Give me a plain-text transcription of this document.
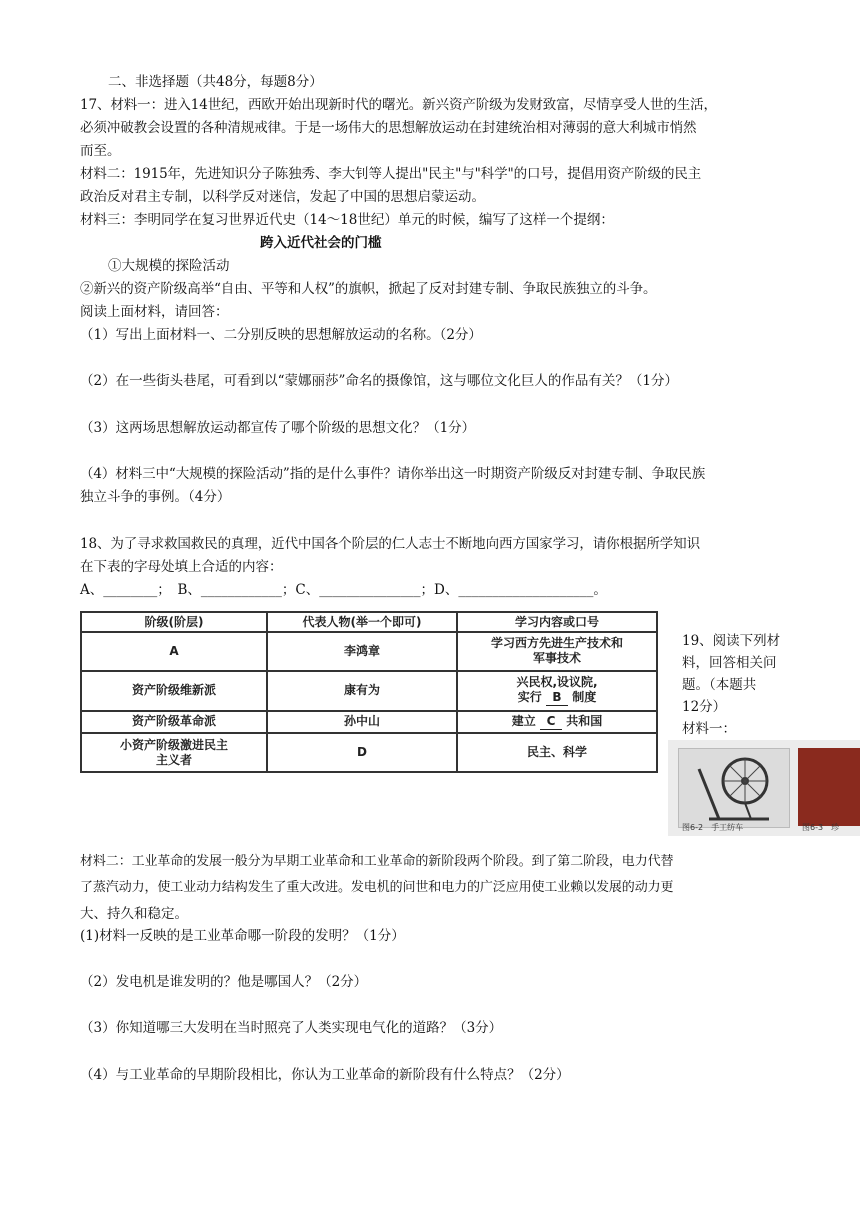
二、非选择题（共48分，每题8分）
17、材料一：进入14世纪，西欧开始出现新时代的曙光。新兴资产阶级为发财致富，尽情享受人世的生活，
必须冲破教会设置的各种清规戒律。于是一场伟大的思想解放运动在封建统治相对薄弱的意大利城市悄然
而至。
材料二：1915年，先进知识分子陈独秀、李大钊等人提出"民主"与"科学"的口号，提倡用资产阶级的民主
政治反对君主专制，以科学反对迷信，发起了中国的思想启蒙运动。
材料三：李明同学在复习世界近代史（14～18世纪）单元的时候，编写了这样一个提纲：
跨入近代社会的门槛
①大规模的探险活动
②新兴的资产阶级高举“自由、平等和人权”的旗帜，掀起了反对封建专制、争取民族独立的斗争。
阅读上面材料，请回答：
（1）写出上面材料一、二分别反映的思想解放运动的名称。（2分）
（2）在一些街头巷尾，可看到以“蒙娜丽莎”命名的摄像馆，这与哪位文化巨人的作品有关？（1分）
（3）这两场思想解放运动都宣传了哪个阶级的思想文化？（1分）
（4）材料三中“大规模的探险活动”指的是什么事件？请你举出这一时期资产阶级反对封建专制、争取民族
独立斗争的事例。（4分）
18、为了寻求救国救民的真理，近代中国各个阶层的仁人志士不断地向西方国家学习，请你根据所学知识
在下表的字母处填上合适的内容：
A、________；　B、____________；C、_______________；D、____________________。
阶级(阶层)	代表人物(举一个即可)	学习内容或口号
A	李鸿章	学习西方先进生产技术和
军事技术

资产阶级维新派	康有为	兴民权,设议院,
实行 B 制度

资产阶级革命派	孙中山	建立 C 共和国

小资产阶级激进民主
主义者	D	民主、科学
19、阅读下列材
料，回答相关问
题。（本题共
12分）
材料一：
图6-2　手工纺车	图6-3　珍
材料二：工业革命的发展一般分为早期工业革命和工业革命的新阶段两个阶段。到了第二阶段，电力代替
了蒸汽动力，使工业动力结构发生了重大改进。发电机的问世和电力的广泛应用使工业赖以发展的动力更
大、持久和稳定。
(1)材料一反映的是工业革命哪一阶段的发明？（1分）
（2）发电机是谁发明的？他是哪国人？（2分）
（3）你知道哪三大发明在当时照亮了人类实现电气化的道路？（3分）
（4）与工业革命的早期阶段相比，你认为工业革命的新阶段有什么特点？（2分）
